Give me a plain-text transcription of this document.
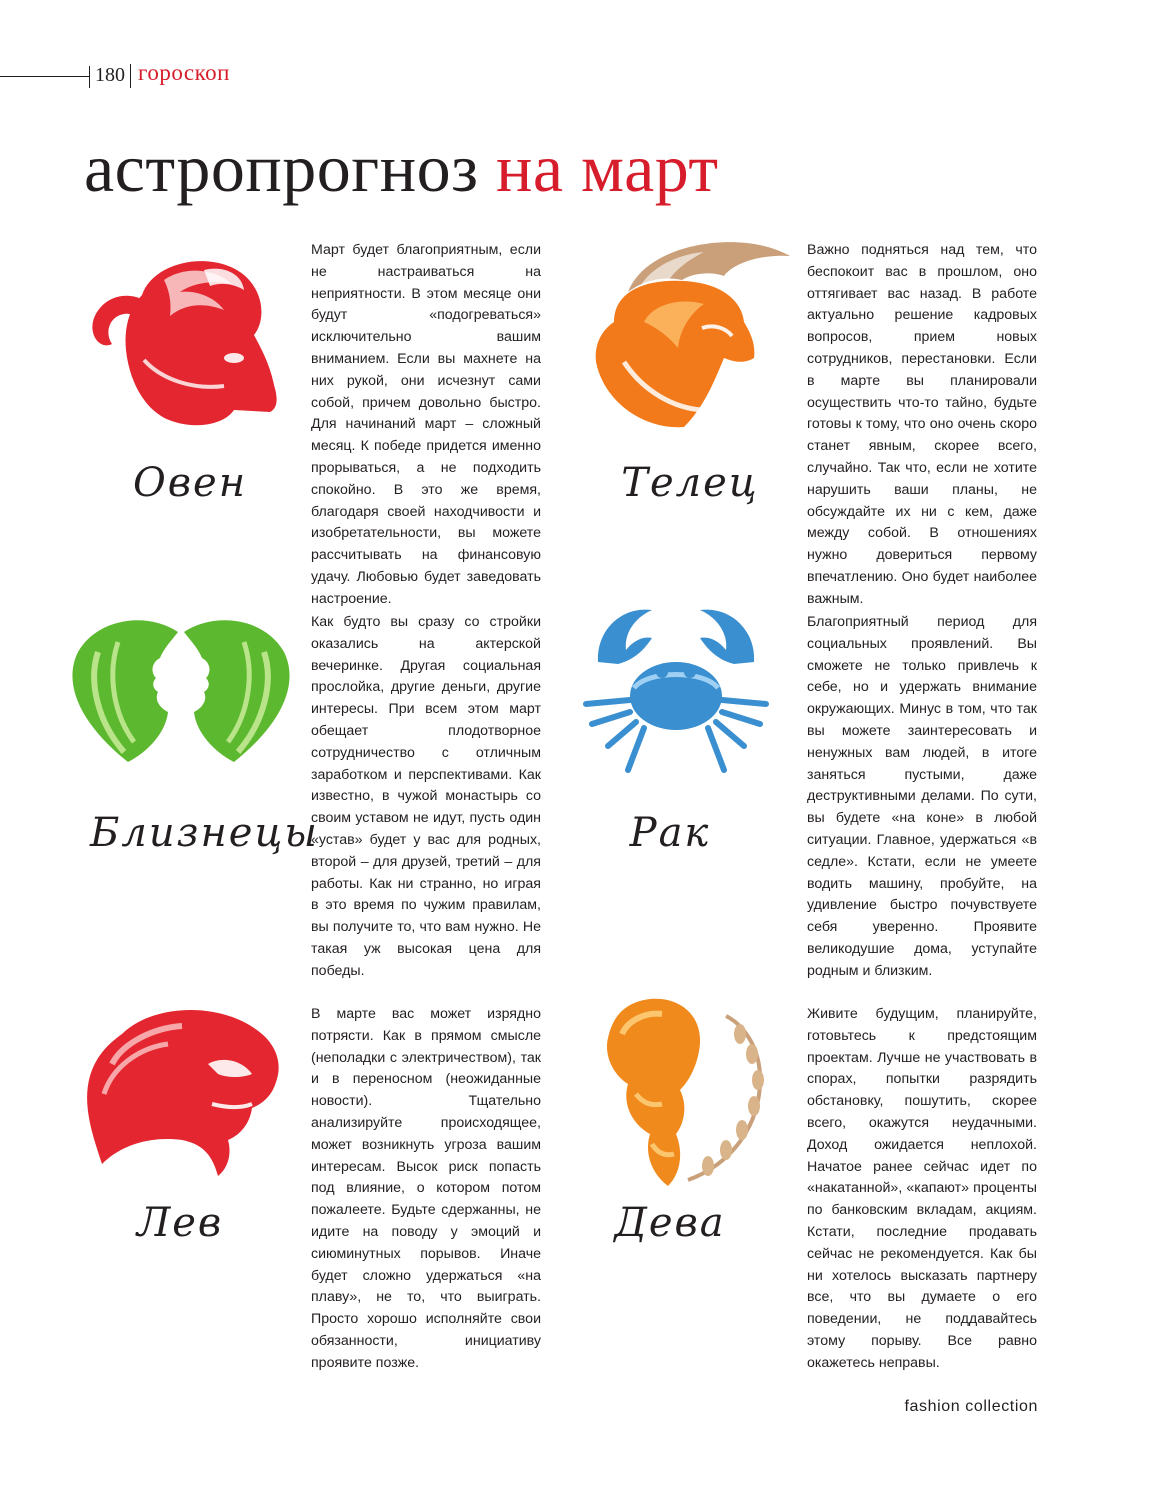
180 гороскоп
астропрогноз на март
Овен

Март будет благоприятным, если не настраиваться на неприятности. В этом месяце они будут «подогреваться» исключительно вашим вниманием. Если вы махнете на них рукой, они исчезнут сами собой, причем довольно быстро. Для начинаний март – сложный месяц. К победе придется именно прорываться, а не подходить спокойно. В это же время, благодаря своей находчивости и изобретательности, вы можете рассчитывать на финансовую удачу. Любовью будет заведовать настроение.

Телец

Важно подняться над тем, что беспокоит вас в прошлом, оно оттягивает вас назад. В работе актуально решение кадровых вопросов, прием новых сотрудников, перестановки. Если в марте вы планировали осуществить что-то тайно, будьте готовы к тому, что оно очень скоро станет явным, скорее всего, случайно. Так что, если не хотите нарушить ваши планы, не обсуждайте их ни с кем, даже между собой. В отношениях нужно довериться первому впечатлению. Оно будет наиболее важным.

Близнецы

Как будто вы сразу со стройки оказались на актерской вечеринке. Другая социальная прослойка, другие деньги, другие интересы. При всем этом март обещает плодотворное сотрудничество с отличным заработком и перспективами. Как известно, в чужой монастырь со своим уставом не идут, пусть один «устав» будет у вас для родных, второй – для друзей, третий – для работы. Как ни странно, но играя в это время по чужим правилам, вы получите то, что вам нужно. Не такая уж высокая цена для победы.

Рак

Благоприятный период для социальных проявлений. Вы сможете не только привлечь к себе, но и удержать внимание окружающих. Минус в том, что так вы можете заинтересовать и ненужных вам людей, в итоге заняться пустыми, даже деструктивными делами. По сути, вы будете «на коне» в любой ситуации. Главное, удержаться «в седле». Кстати, если не умеете водить машину, пробуйте, на удивление быстро почувствуете себя уверенно. Проявите великодушие дома, уступайте родным и близким.

Лев

В марте вас может изрядно потрясти. Как в прямом смысле (неполадки с электричеством), так и в переносном (неожиданные новости). Тщательно анализируйте происходящее, может возникнуть угроза вашим интересам. Высок риск попасть под влияние, о котором потом пожалеете. Будьте сдержанны, не идите на поводу у эмоций и сиюминутных порывов. Иначе будет сложно удержаться «на плаву», не то, что выиграть. Просто хорошо исполняйте свои обязанности, инициативу проявите позже.

Дева

Живите будущим, планируйте, готовьтесь к предстоящим проектам. Лучше не участвовать в спорах, попытки разрядить обстановку, пошутить, скорее всего, окажутся неудачными. Доход ожидается неплохой. Начатое ранее сейчас идет по «накатанной», «капают» проценты по банковским вкладам, акциям. Кстати, последние продавать сейчас не рекомендуется. Как бы ни хотелось высказать партнеру все, что вы думаете о его поведении, не поддавайтесь этому порыву. Все равно окажетесь неправы.

fashion collection
